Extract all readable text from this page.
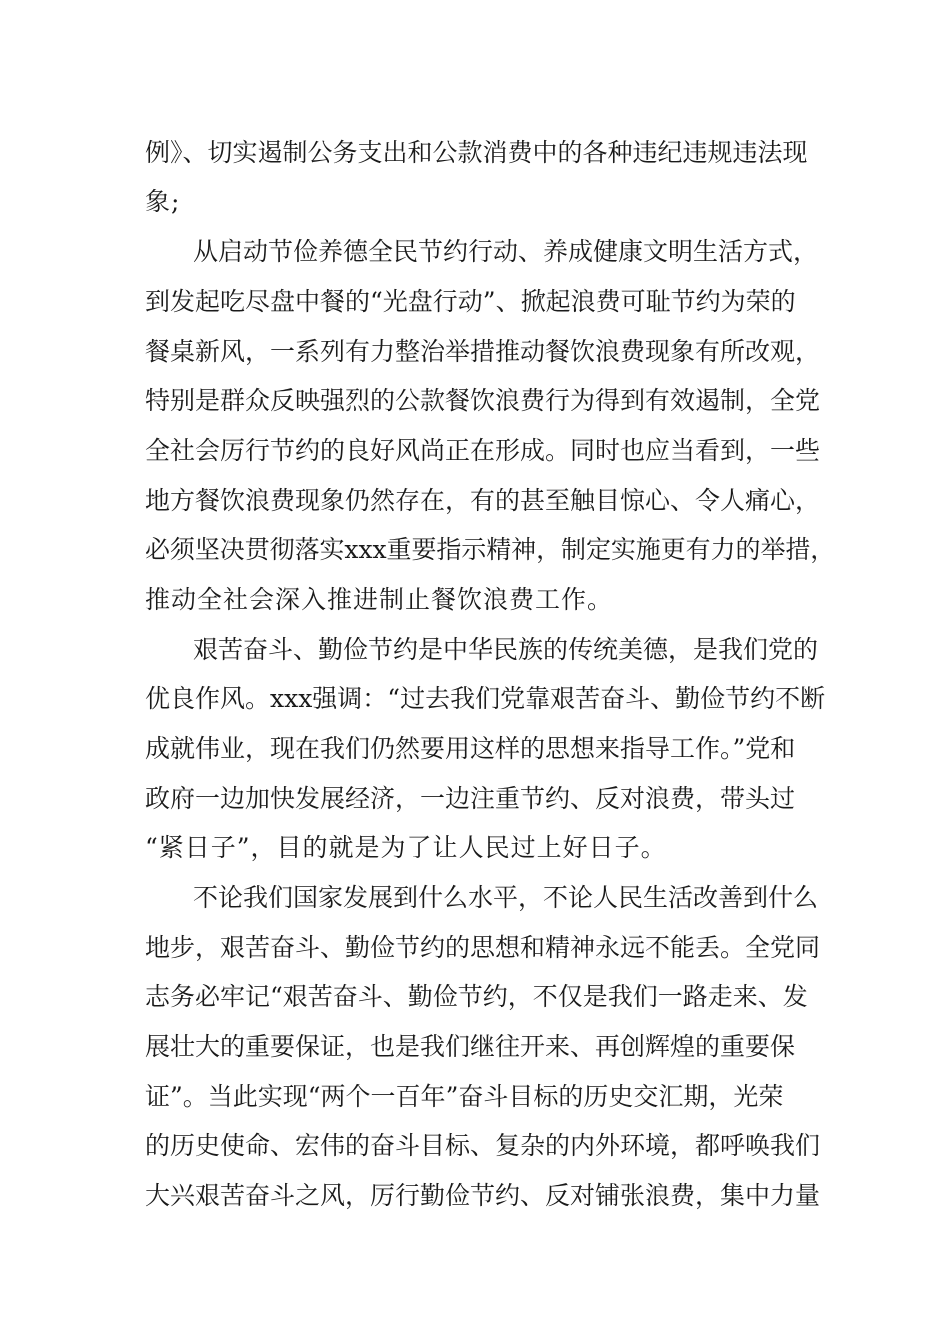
例》、切实遏制公务支出和公款消费中的各种违纪违规违法现
象;
从启动节俭养德全民节约行动、养成健康文明生活方式，
到发起吃尽盘中餐的“光盘行动”、掀起浪费可耻节约为荣的
餐桌新风，一系列有力整治举措推动餐饮浪费现象有所改观，
特别是群众反映强烈的公款餐饮浪费行为得到有效遏制，全党
全社会厉行节约的良好风尚正在形成。同时也应当看到，一些
地方餐饮浪费现象仍然存在，有的甚至触目惊心、令人痛心，
必须坚决贯彻落实xxx重要指示精神，制定实施更有力的举措，
推动全社会深入推进制止餐饮浪费工作。
艰苦奋斗、勤俭节约是中华民族的传统美德，是我们党的
优良作风。xxx强调：“过去我们党靠艰苦奋斗、勤俭节约不断
成就伟业，现在我们仍然要用这样的思想来指导工作。”党和
政府一边加快发展经济，一边注重节约、反对浪费，带头过
“紧日子”，目的就是为了让人民过上好日子。
不论我们国家发展到什么水平，不论人民生活改善到什么
地步，艰苦奋斗、勤俭节约的思想和精神永远不能丢。全党同
志务必牢记“艰苦奋斗、勤俭节约，不仅是我们一路走来、发
展壮大的重要保证，也是我们继往开来、再创辉煌的重要保
证”。当此实现“两个一百年”奋斗目标的历史交汇期，光荣
的历史使命、宏伟的奋斗目标、复杂的内外环境，都呼唤我们
大兴艰苦奋斗之风，厉行勤俭节约、反对铺张浪费，集中力量
